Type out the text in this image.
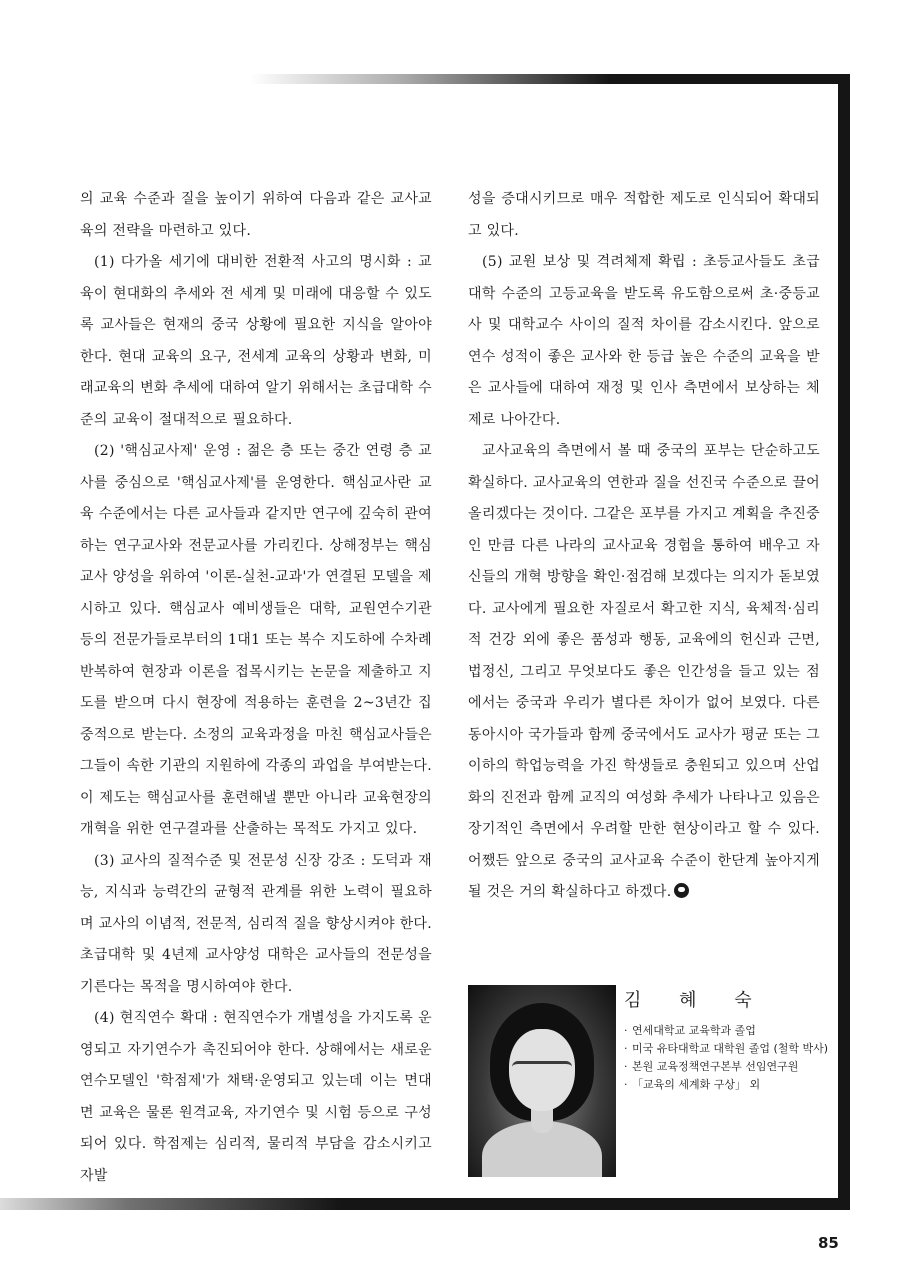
의 교육 수준과 질을 높이기 위하여 다음과 같은 교사교육의 전략을 마련하고 있다.

(1) 다가올 세기에 대비한 전환적 사고의 명시화 : 교육이 현대화의 추세와 전 세계 및 미래에 대응할 수 있도록 교사들은 현재의 중국 상황에 필요한 지식을 알아야 한다. 현대 교육의 요구, 전세계 교육의 상황과 변화, 미래교육의 변화 추세에 대하여 알기 위해서는 초급대학 수준의 교육이 절대적으로 필요하다.

(2) '핵심교사제' 운영 : 젊은 층 또는 중간 연령 층 교사를 중심으로 '핵심교사제'를 운영한다. 핵심교사란 교육 수준에서는 다른 교사들과 같지만 연구에 깊숙히 관여하는 연구교사와 전문교사를 가리킨다. 상해정부는 핵심교사 양성을 위하여 '이론-실천-교과'가 연결된 모델을 제시하고 있다. 핵심교사 예비생들은 대학, 교원연수기관 등의 전문가들로부터의 1대1 또는 복수 지도하에 수차례 반복하여 현장과 이론을 접목시키는 논문을 제출하고 지도를 받으며 다시 현장에 적용하는 훈련을 2~3년간 집중적으로 받는다. 소정의 교육과정을 마친 핵심교사들은 그들이 속한 기관의 지원하에 각종의 과업을 부여받는다. 이 제도는 핵심교사를 훈련해낼 뿐만 아니라 교육현장의 개혁을 위한 연구결과를 산출하는 목적도 가지고 있다.

(3) 교사의 질적수준 및 전문성 신장 강조 : 도덕과 재능, 지식과 능력간의 균형적 관계를 위한 노력이 필요하며 교사의 이념적, 전문적, 심리적 질을 향상시켜야 한다. 초급대학 및 4년제 교사양성 대학은 교사들의 전문성을 기른다는 목적을 명시하여야 한다.

(4) 현직연수 확대 : 현직연수가 개별성을 가지도록 운영되고 자기연수가 촉진되어야 한다. 상해에서는 새로운 연수모델인 '학점제'가 채택·운영되고 있는데 이는 면대면 교육은 물론 원격교육, 자기연수 및 시험 등으로 구성되어 있다. 학점제는 심리적, 물리적 부담을 감소시키고 자발

성을 증대시키므로 매우 적합한 제도로 인식되어 확대되고 있다.

(5) 교원 보상 및 격려체제 확립 : 초등교사들도 초급대학 수준의 고등교육을 받도록 유도함으로써 초·중등교사 및 대학교수 사이의 질적 차이를 감소시킨다. 앞으로 연수 성적이 좋은 교사와 한 등급 높은 수준의 교육을 받은 교사들에 대하여 재정 및 인사 측면에서 보상하는 체제로 나아간다.

교사교육의 측면에서 볼 때 중국의 포부는 단순하고도 확실하다. 교사교육의 연한과 질을 선진국 수준으로 끌어올리겠다는 것이다. 그같은 포부를 가지고 계획을 추진중인 만큼 다른 나라의 교사교육 경험을 통하여 배우고 자신들의 개혁 방향을 확인·점검해 보겠다는 의지가 돋보였다. 교사에게 필요한 자질로서 확고한 지식, 육체적·심리적 건강 외에 좋은 품성과 행동, 교육에의 헌신과 근면, 법정신, 그리고 무엇보다도 좋은 인간성을 들고 있는 점에서는 중국과 우리가 별다른 차이가 없어 보였다. 다른 동아시아 국가들과 함께 중국에서도 교사가 평균 또는 그 이하의 학업능력을 가진 학생들로 충원되고 있으며 산업화의 진전과 함께 교직의 여성화 추세가 나타나고 있음은 장기적인 측면에서 우려할 만한 현상이라고 할 수 있다. 어쨌든 앞으로 중국의 교사교육 수준이 한단계 높아지게 될 것은 거의 확실하다고 하겠다.

김 혜 숙
· 연세대학교 교육학과 졸업
· 미국 유타대학교 대학원 졸업 (철학 박사)
· 본원 교육정책연구본부 선임연구원
· 「교육의 세계화 구상」 외
85
